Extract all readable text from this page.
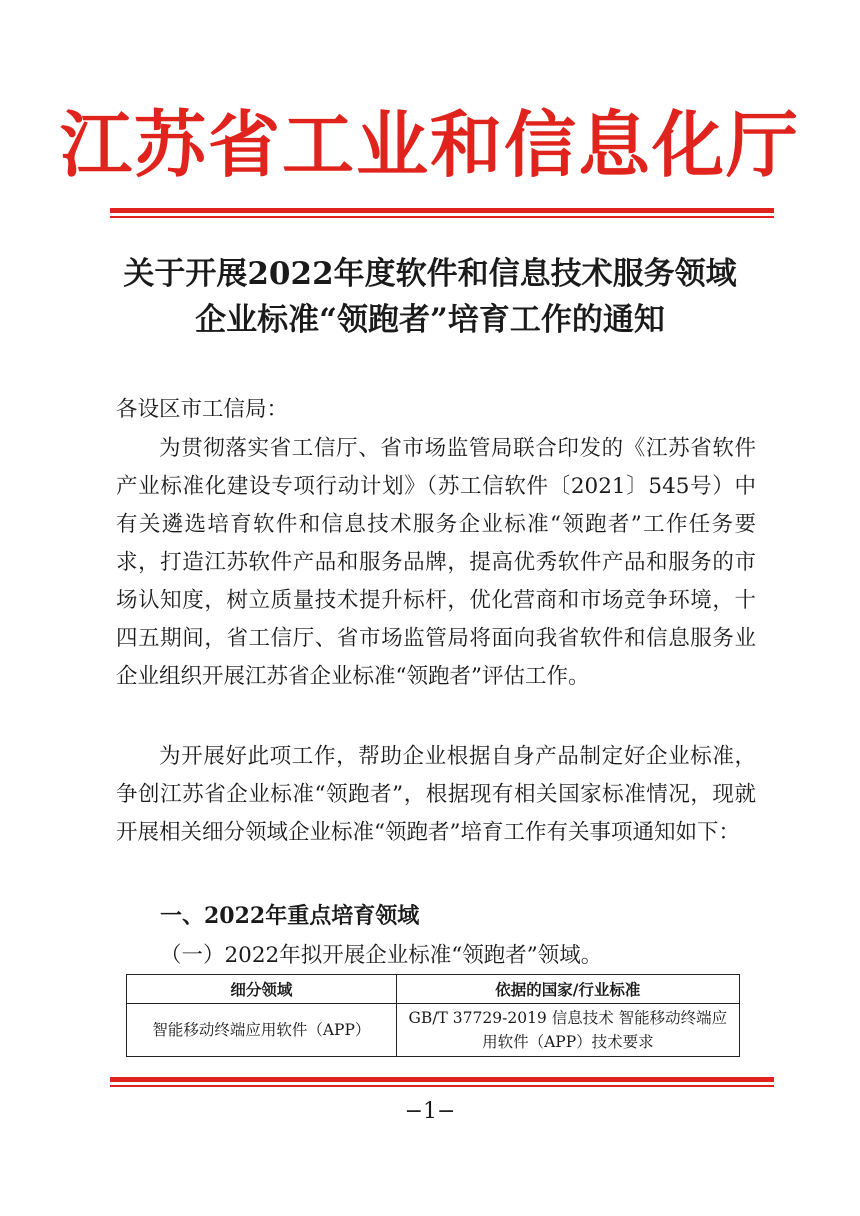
江苏省工业和信息化厅
关于开展2022年度软件和信息技术服务领域
企业标准“领跑者”培育工作的通知
各设区市工信局：
为贯彻落实省工信厅、省市场监管局联合印发的《江苏省软件产业标准化建设专项行动计划》（苏工信软件〔2021〕545号）中有关遴选培育软件和信息技术服务企业标准“领跑者”工作任务要求，打造江苏软件产品和服务品牌，提高优秀软件产品和服务的市场认知度，树立质量技术提升标杆，优化营商和市场竞争环境，十四五期间，省工信厅、省市场监管局将面向我省软件和信息服务业企业组织开展江苏省企业标准“领跑者”评估工作。
为开展好此项工作，帮助企业根据自身产品制定好企业标准，争创江苏省企业标准“领跑者”，根据现有相关国家标准情况，现就开展相关细分领域企业标准“领跑者”培育工作有关事项通知如下：
一、2022年重点培育领域
（一）2022年拟开展企业标准“领跑者”领域。
细分领域	依据的国家/行业标准
智能移动终端应用软件（APP）	GB/T 37729-2019 信息技术 智能移动终端应用软件（APP）技术要求
−1−
